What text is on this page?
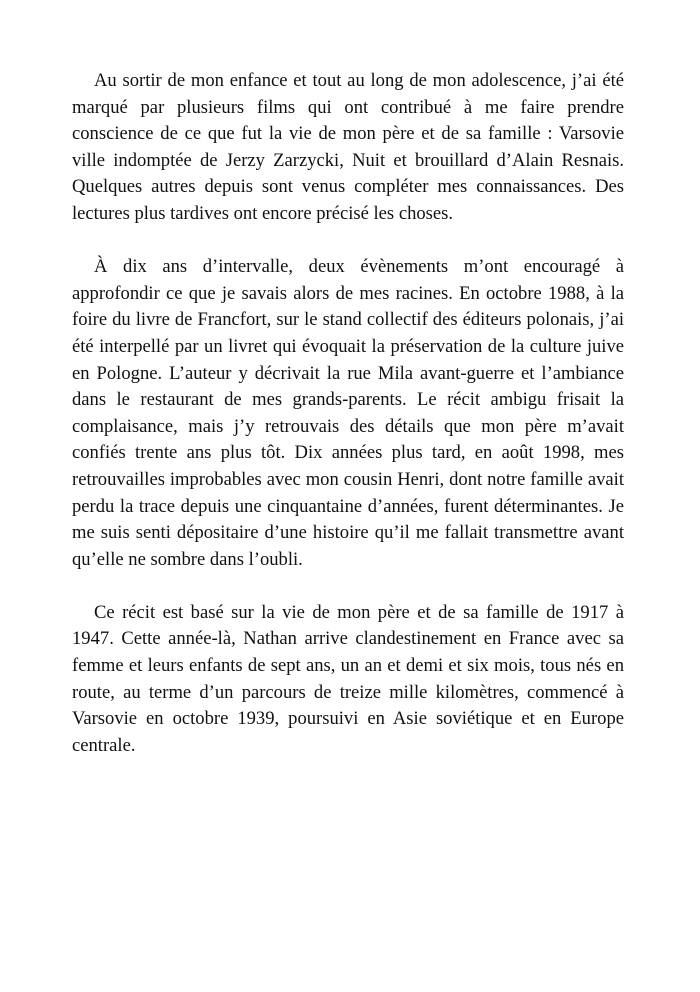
Au sortir de mon enfance et tout au long de mon adolescence, j’ai été marqué par plusieurs films qui ont contribué à me faire prendre conscience de ce que fut la vie de mon père et de sa famille : Varsovie ville indomptée de Jerzy Zarzycki, Nuit et brouillard d’Alain Resnais. Quelques autres depuis sont venus compléter mes connaissances. Des lectures plus tardives ont encore précisé les choses.

À dix ans d’intervalle, deux évènements m’ont encouragé à approfondir ce que je savais alors de mes racines. En octobre 1988, à la foire du livre de Francfort, sur le stand collectif des éditeurs polonais, j’ai été interpellé par un livret qui évoquait la préservation de la culture juive en Pologne. L’auteur y décrivait la rue Mila avant-guerre et l’ambiance dans le restaurant de mes grands-parents. Le récit ambigu frisait la complaisance, mais j’y retrouvais des détails que mon père m’avait confiés trente ans plus tôt. Dix années plus tard, en août 1998, mes retrouvailles improbables avec mon cousin Henri, dont notre famille avait perdu la trace depuis une cinquantaine d’années, furent déterminantes. Je me suis senti dépositaire d’une histoire qu’il me fallait transmettre avant qu’elle ne sombre dans l’oubli.

Ce récit est basé sur la vie de mon père et de sa famille de 1917 à 1947. Cette année-là, Nathan arrive clandestinement en France avec sa femme et leurs enfants de sept ans, un an et demi et six mois, tous nés en route, au terme d’un parcours de treize mille kilomètres, commencé à Varsovie en octobre 1939, poursuivi en Asie soviétique et en Europe centrale.
